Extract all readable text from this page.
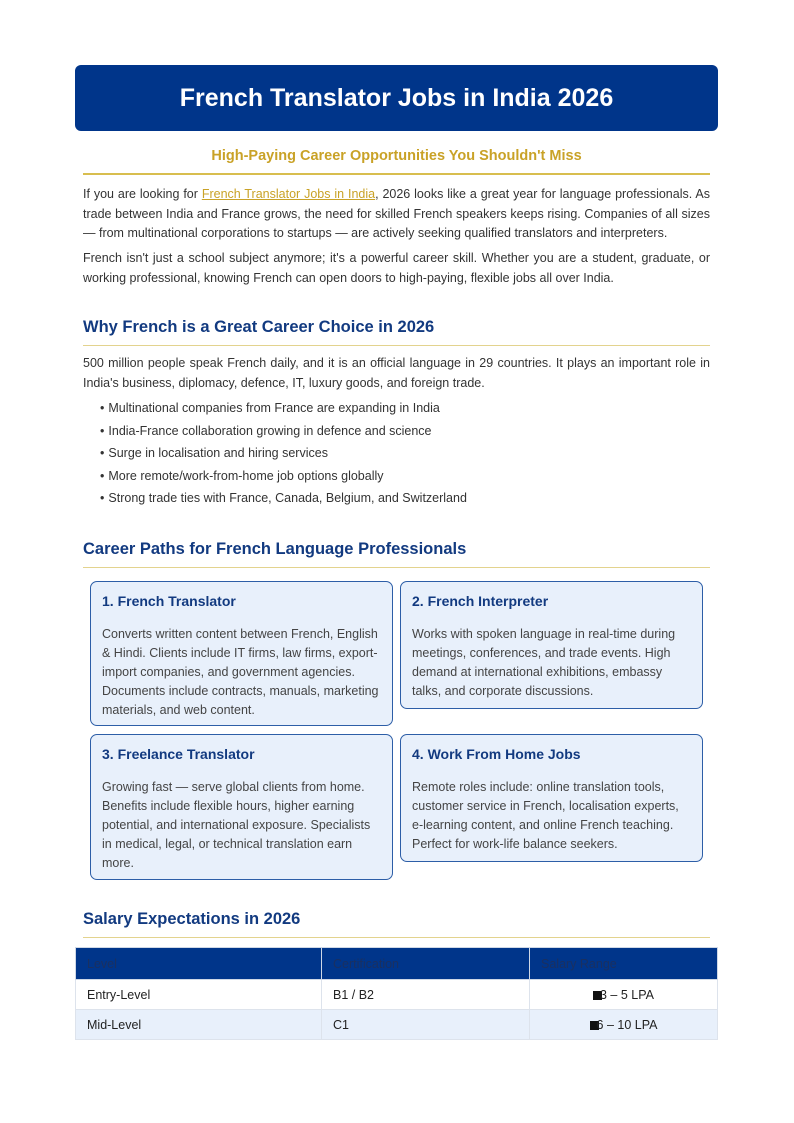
French Translator Jobs in India 2026
High-Paying Career Opportunities You Shouldn't Miss

If you are looking for French Translator Jobs in India, 2026 looks like a great year for language professionals. As trade between India and France grows, the need for skilled French speakers keeps rising. Companies of all sizes — from multinational corporations to startups — are actively seeking qualified translators and interpreters.

French isn't just a school subject anymore; it's a powerful career skill. Whether you are a student, graduate, or working professional, knowing French can open doors to high-paying, flexible jobs all over India.

Why French is a Great Career Choice in 2026

500 million people speak French daily, and it is an official language in 29 countries. It plays an important role in India's business, diplomacy, defence, IT, luxury goods, and foreign trade.

• Multinational companies from France are expanding in India
• India-France collaboration growing in defence and science
• Surge in localisation and hiring services
• More remote/work-from-home job options globally
• Strong trade ties with France, Canada, Belgium, and Switzerland
Career Paths for French Language Professionals
1. French Translator

Converts written content between French, English & Hindi. Clients include IT firms, law firms, export-import companies, and government agencies. Documents include contracts, manuals, marketing materials, and web content.

2. French Interpreter

Works with spoken language in real-time during meetings, conferences, and trade events. High demand at international exhibitions, embassy talks, and corporate discussions.

3. Freelance Translator

Growing fast — serve global clients from home. Benefits include flexible hours, higher earning potential, and international exposure. Specialists in medical, legal, or technical translation earn more.

4. Work From Home Jobs

Remote roles include: online translation tools, customer service in French, localisation experts, e-learning content, and online French teaching. Perfect for work-life balance seekers.

Salary Expectations in 2026
Level	Certification	Salary Range
Entry-Level	B1 / B2	3 – 5 LPA
Mid-Level	C1	6 – 10 LPA
